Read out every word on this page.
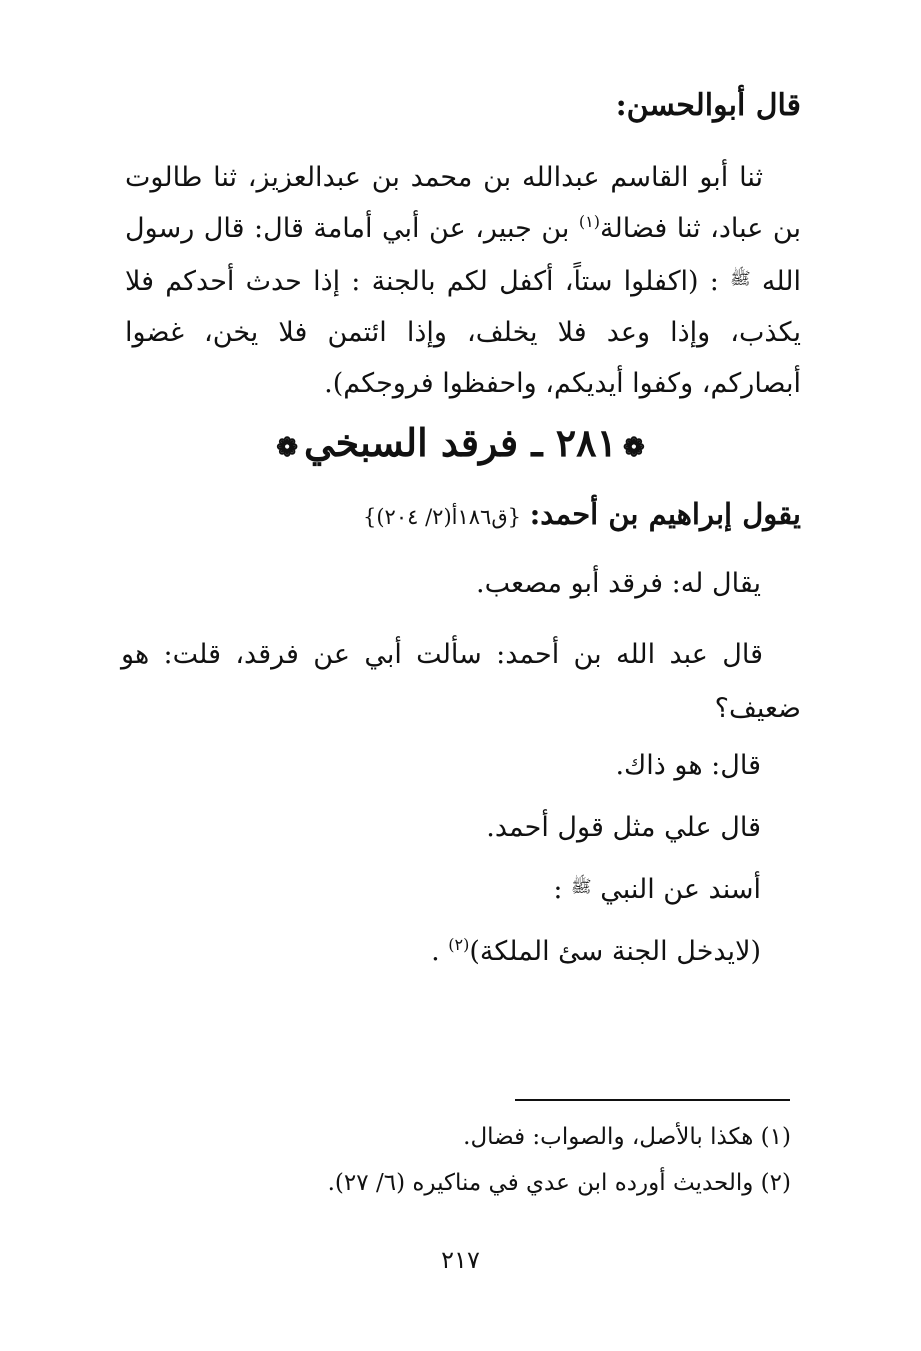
قال أبوالحسن:
ثنا أبو القاسم عبدالله بن محمد بن عبدالعزيز، ثنا طالوت بن عباد، ثنا فضالة$^{(١)}$ بن جبير، عن أبي أمامة قال: قال رسول الله $^ﷺ$ : (اكفلوا ستاً، أكفل لكم بالجنة : إذا حدث أحدكم فلا يكذب، وإذا وعد فلا يخلف، وإذا ائتمن فلا يخن، غضوا أبصاركم، وكفوا أيديكم، واحفظوا فروجكم).
❁٢٨١ ـ فرقد السبخي❁
يقول إبراهيم بن أحمد: {ق١٨٦أ(٢/ ٢٠٤)}
يقال له: فرقد أبو مصعب.
قال عبد الله بن أحمد: سألت أبي عن فرقد، قلت: هو ضعيف؟
قال: هو ذاك.
قال علي مثل قول أحمد.
أسند عن النبي $^ﷺ$ :
(لايدخل الجنة سئ الملكة)$^{(٢)}$ .
(١) هكذا بالأصل، والصواب: فضال.
(٢) والحديث أورده ابن عدي في مناكيره (٦/ ٢٧).
٢١٧
